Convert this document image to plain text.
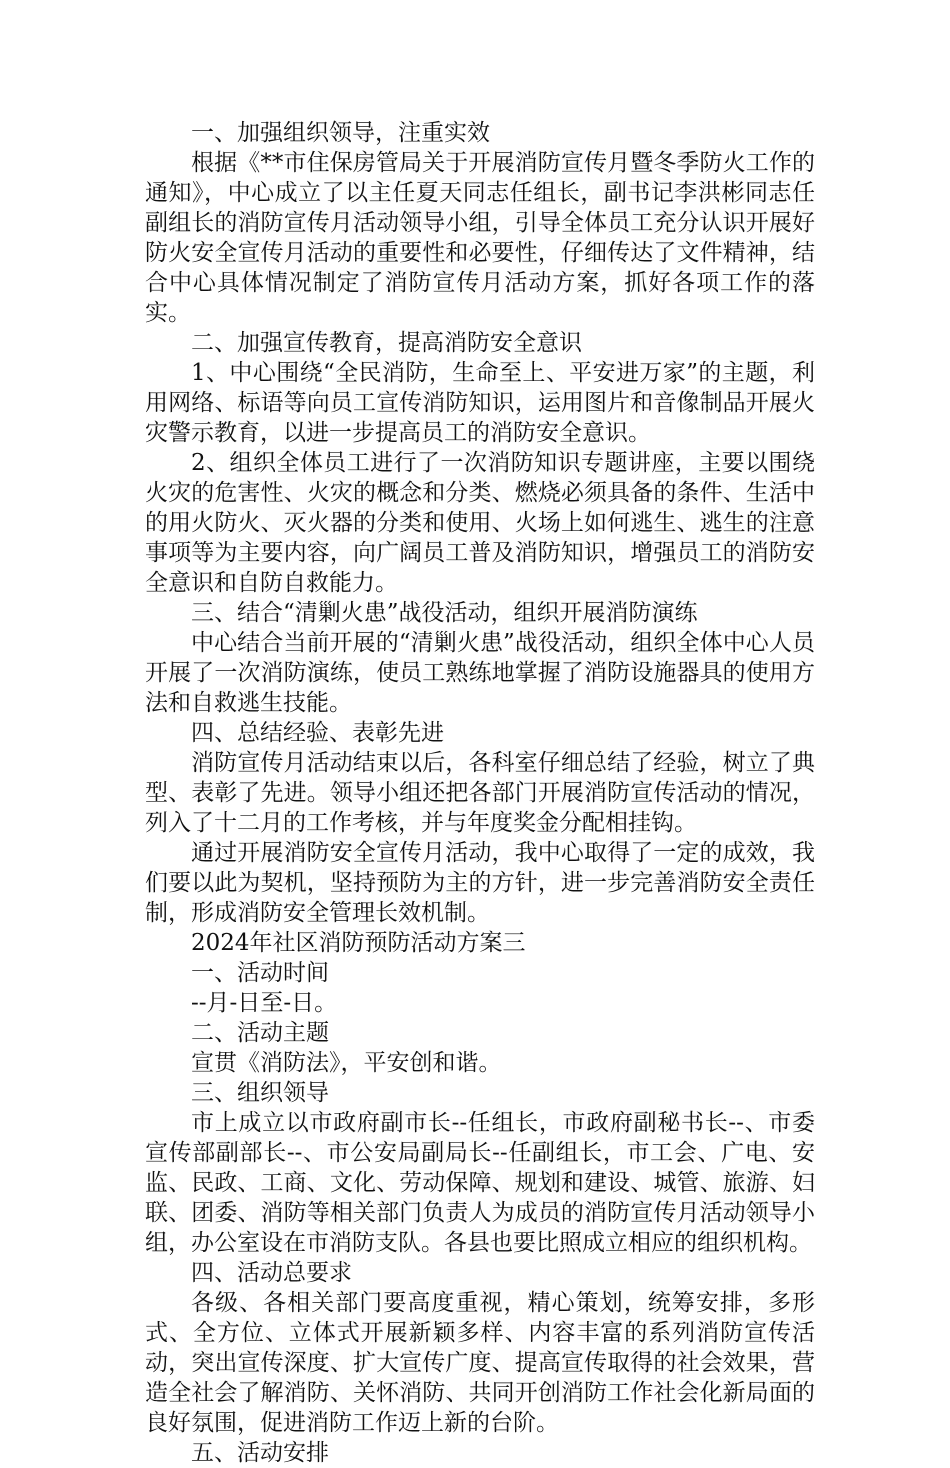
一、加强组织领导，注重实效

根据《**市住保房管局关于开展消防宣传月暨冬季防火工作的通知》，中心成立了以主任夏天同志任组长，副书记李洪彬同志任副组长的消防宣传月活动领导小组，引导全体员工充分认识开展好防火安全宣传月活动的重要性和必要性，仔细传达了文件精神，结合中心具体情况制定了消防宣传月活动方案，抓好各项工作的落实。

二、加强宣传教育，提高消防安全意识

1、中心围绕“全民消防，生命至上、平安进万家”的主题，利用网络、标语等向员工宣传消防知识，运用图片和音像制品开展火灾警示教育，以进一步提高员工的消防安全意识。

2、组织全体员工进行了一次消防知识专题讲座，主要以围绕火灾的危害性、火灾的概念和分类、燃烧必须具备的条件、生活中的用火防火、灭火器的分类和使用、火场上如何逃生、逃生的注意事项等为主要内容，向广阔员工普及消防知识，增强员工的消防安全意识和自防自救能力。

三、结合“清剿火患”战役活动，组织开展消防演练

中心结合当前开展的“清剿火患”战役活动，组织全体中心人员开展了一次消防演练，使员工熟练地掌握了消防设施器具的使用方法和自救逃生技能。

四、总结经验、表彰先进

消防宣传月活动结束以后，各科室仔细总结了经验，树立了典型、表彰了先进。领导小组还把各部门开展消防宣传活动的情况，列入了十二月的工作考核，并与年度奖金分配相挂钩。

通过开展消防安全宣传月活动，我中心取得了一定的成效，我们要以此为契机，坚持预防为主的方针，进一步完善消防安全责任制，形成消防安全管理长效机制。

2024年社区消防预防活动方案三

一、活动时间

--月-日至-日。

二、活动主题

宣贯《消防法》，平安创和谐。

三、组织领导

市上成立以市政府副市长--任组长，市政府副秘书长--、市委宣传部副部长--、市公安局副局长--任副组长，市工会、广电、安监、民政、工商、文化、劳动保障、规划和建设、城管、旅游、妇联、团委、消防等相关部门负责人为成员的消防宣传月活动领导小组，办公室设在市消防支队。各县也要比照成立相应的组织机构。

四、活动总要求

各级、各相关部门要高度重视，精心策划，统筹安排，多形式、全方位、立体式开展新颖多样、内容丰富的系列消防宣传活动，突出宣传深度、扩大宣传广度、提高宣传取得的社会效果，营造全社会了解消防、关怀消防、共同开创消防工作社会化新局面的良好氛围，促进消防工作迈上新的台阶。

五、活动安排
